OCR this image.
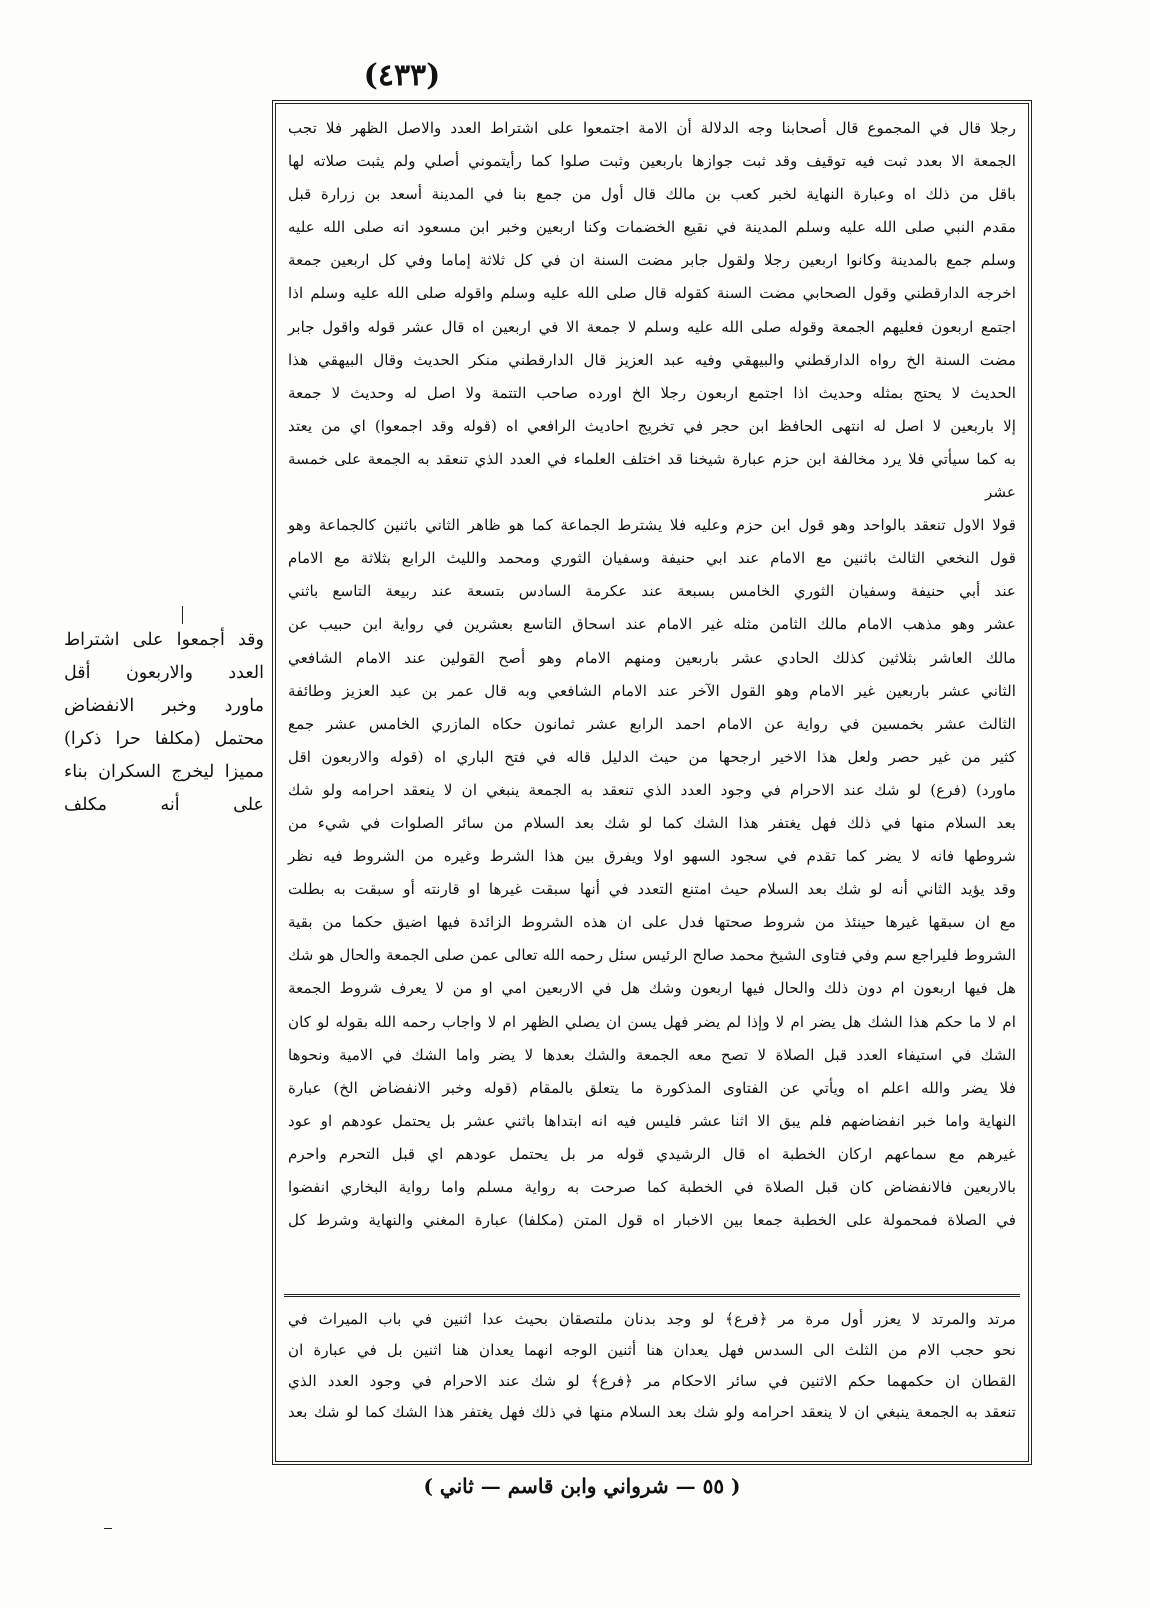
(٤٣٣)

وقد أجمعوا على اشتراط

العدد والاربعون أقل

ماورد وخبر الانفضاض

محتمل (مكلفا حرا ذكرا)

مميزا ليخرج السكران بناء

على أنه مكلف

رجلا قال في المجموع قال أصحابنا وجه الدلالة أن الامة اجتمعوا على اشتراط العدد والاصل الظهر فلا تجب

الجمعة الا بعدد ثبت فيه توقيف وقد ثبت جوازها باربعين وثبت صلوا كما رأيتموني أصلي ولم يثبت صلاته لها

باقل من ذلك اه وعبارة النهاية لخبر كعب بن مالك قال أول من جمع بنا في المدينة أسعد بن زرارة قبل

مقدم النبي صلى الله عليه وسلم المدينة في نقيع الخضمات وكنا اربعين وخبر ابن مسعود انه صلى الله عليه

وسلم جمع بالمدينة وكانوا اربعين رجلا ولقول جابر مضت السنة ان في كل ثلاثة إماما وفي كل اربعين جمعة

اخرجه الدارقطني وقول الصحابي مضت السنة كقوله قال صلى الله عليه وسلم واقوله صلى الله عليه وسلم اذا

اجتمع اربعون فعليهم الجمعة وقوله صلى الله عليه وسلم لا جمعة الا في اربعين اه قال عشر قوله واقول جابر

مضت السنة الخ رواه الدارقطني والبيهقي وفيه عبد العزيز قال الدارقطني منكر الحديث وقال البيهقي هذا

الحديث لا يحتج بمثله وحديث اذا اجتمع اربعون رجلا الخ اورده صاحب التتمة ولا اصل له وحديث لا جمعة

إلا باربعين لا اصل له انتهى الحافظ ابن حجر في تخريج احاديث الرافعي اه (قوله وقد اجمعوا) اي من يعتد

به كما سيأتي فلا يرد مخالفة ابن حزم عبارة شيخنا قد اختلف العلماء في العدد الذي تنعقد به الجمعة على خمسة عشر

قولا الاول تنعقد بالواحد وهو قول ابن حزم وعليه فلا يشترط الجماعة كما هو ظاهر الثاني باثنين كالجماعة وهو

قول النخعي الثالث باثنين مع الامام عند ابي حنيفة وسفيان الثوري ومحمد والليث الرابع بثلاثة مع الامام

عند أبي حنيفة وسفيان الثوري الخامس بسبعة عند عكرمة السادس بتسعة عند ربيعة التاسع باثني

عشر وهو مذهب الامام مالك الثامن مثله غير الامام عند اسحاق التاسع بعشرين في رواية ابن حبيب عن

مالك العاشر بثلاثين كذلك الحادي عشر باربعين ومنهم الامام وهو أصح القولين عند الامام الشافعي

الثاني عشر باربعين غير الامام وهو القول الآخر عند الامام الشافعي وبه قال عمر بن عبد العزيز وطائفة

الثالث عشر بخمسين في رواية عن الامام احمد الرابع عشر ثمانون حكاه المازري الخامس عشر جمع

كثير من غير حصر ولعل هذا الاخير ارجحها من حيث الدليل قاله في فتح الباري اه (قوله والاربعون اقل

ماورد) (فرع) لو شك عند الاحرام في وجود العدد الذي تنعقد به الجمعة ينبغي ان لا ينعقد احرامه ولو شك

بعد السلام منها في ذلك فهل يغتفر هذا الشك كما لو شك بعد السلام من سائر الصلوات في شيء من

شروطها فانه لا يضر كما تقدم في سجود السهو اولا ويفرق بين هذا الشرط وغيره من الشروط فيه نظر

وقد يؤيد الثاني أنه لو شك بعد السلام حيث امتنع التعدد في أنها سبقت غيرها او قارنته أو سبقت به بطلت

مع ان سبقها غيرها حينئذ من شروط صحتها فدل على ان هذه الشروط الزائدة فيها اضيق حكما من بقية

الشروط فليراجع سم وفي فتاوى الشيخ محمد صالح الرئيس سئل رحمه الله تعالى عمن صلى الجمعة والحال هو شك

هل فيها اربعون ام دون ذلك والحال فيها اربعون وشك هل في الاربعين امي او من لا يعرف شروط الجمعة

ام لا ما حكم هذا الشك هل يضر ام لا وإذا لم يضر فهل يسن ان يصلي الظهر ام لا واجاب رحمه الله بقوله لو كان

الشك في استيفاء العدد قبل الصلاة لا تصح معه الجمعة والشك بعدها لا يضر واما الشك في الامية ونحوها

فلا يضر والله اعلم اه ويأتي عن الفتاوى المذكورة ما يتعلق بالمقام (قوله وخبر الانفضاض الخ) عبارة

النهاية واما خبر انفضاضهم فلم يبق الا اثنا عشر فليس فيه انه ابتداها باثني عشر بل يحتمل عودهم او عود

غيرهم مع سماعهم اركان الخطبة اه قال الرشيدي قوله مر بل يحتمل عودهم اي قبل التحرم واحرم

بالاربعين فالانفضاض كان قبل الصلاة في الخطبة كما صرحت به رواية مسلم واما رواية البخاري انفضوا

في الصلاة فمحمولة على الخطبة جمعا بين الاخبار اه قول المتن (مكلفا) عبارة المغني والنهاية وشرط كل

مرتد والمرتد لا يعزر أول مرة مر ﴿فرع﴾ لو وجد بدنان ملتصقان بحيث عدا اثنين في باب الميراث في

نحو حجب الام من الثلث الى السدس فهل يعدان هنا أثنين الوجه انهما يعدان هنا اثنين بل في عبارة ان

القطان ان حكمهما حكم الاثنين في سائر الاحكام مر ﴿فرع﴾ لو شك عند الاحرام في وجود العدد الذي

تنعقد به الجمعة ينبغي ان لا ينعقد احرامه ولو شك بعد السلام منها في ذلك فهل يغتفر هذا الشك كما لو شك بعد

( ٥٥ — شرواني وابن قاسم — ثاني )
